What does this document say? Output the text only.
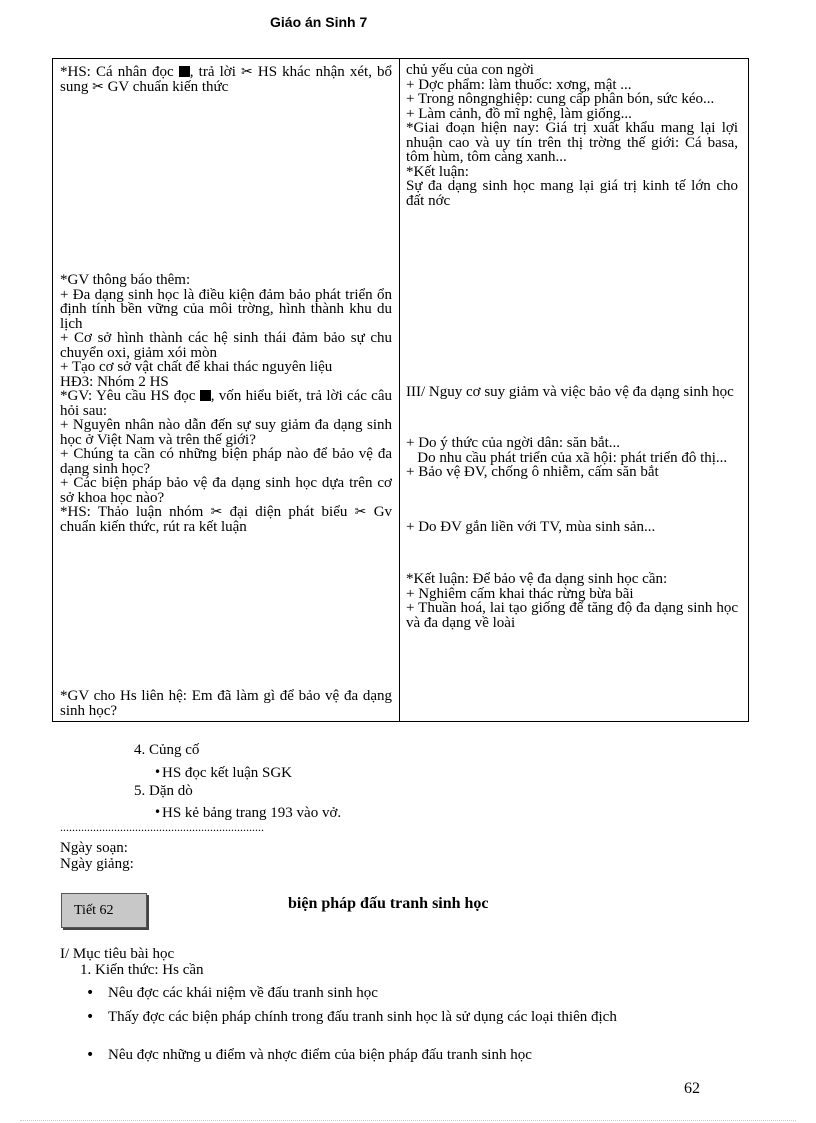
Giáo án Sinh 7

*HS: Cá nhân đọc , trả lời ✂ HS khác nhận xét, bổ sung ✂ GV chuẩn kiến thức

*GV thông báo thêm:

+ Đa dạng sinh học là điều kiện đảm bảo phát triển ổn định tính bền vững của môi trờng, hình thành khu du lịch

+ Cơ sở hình thành các hệ sinh thái đảm bảo sự chu chuyển oxi, giảm xói mòn

+ Tạo cơ sở vật chất để khai thác nguyên liệu

HĐ3: Nhóm 2 HS

*GV: Yêu cầu HS đọc , vốn hiểu biết, trả lời các câu hỏi sau:

+ Nguyên nhân nào dẫn đến sự suy giảm đa dạng sinh học ở Việt Nam và trên thế giới?

+ Chúng ta cần có những biện pháp nào để bảo vệ đa dạng sinh học?

+ Các biện pháp bảo vệ đa dạng sinh học dựa trên cơ sở khoa học nào?

*HS: Thảo luận nhóm ✂ đại diện phát biểu ✂ Gv chuẩn kiến thức, rút ra kết luận

*GV cho Hs liên hệ: Em đã làm gì để bảo vệ đa dạng sinh học?

chủ yếu của con ngời

+ Dợc phẩm: làm thuốc: xơng, mật ...

+ Trong nôngnghiệp: cung cấp phân bón, sức kéo...

+ Làm cảnh, đồ mĩ nghệ, làm giống...

*Giai đoạn hiện nay: Giá trị xuất khẩu mang lại lợi nhuận cao và uy tín trên thị trờng thế giới: Cá basa, tôm hùm, tôm càng xanh...

*Kết luận:

Sự đa dạng sinh học mang lại giá trị kinh tế lớn cho đất nớc

III/ Nguy cơ suy giảm và việc bảo vệ đa dạng sinh học

+ Do ý thức của ngời dân: săn bắt...

Do nhu cầu phát triển của xã hội: phát triển đô thị...

+ Bảo vệ ĐV, chống ô nhiễm, cấm săn bắt

+ Do ĐV gắn liền với TV, mùa sinh sản...

*Kết luận: Để bảo vệ đa dạng sinh học cần:

+ Nghiêm cấm khai thác rừng bừa bãi

+ Thuần hoá, lai tạo giống để tăng độ đa dạng sinh học và đa dạng về loài

4. Củng cố
• HS đọc kết luận SGK
5. Dặn dò
• HS kẻ bảng trang 193 vào vở.
....................................................................
Ngày soạn:
Ngày giảng:
Tiết 62	biện pháp đấu tranh sinh học
I/ Mục tiêu bài học
1. Kiến thức: Hs cần
• Nêu đợc các khái niệm về đấu tranh sinh học
• Thấy đợc các biện pháp chính trong đấu tranh sinh học là sử dụng các loại thiên địch
• Nêu đợc những u điểm và nhợc điểm của biện pháp đấu tranh sinh học
62
